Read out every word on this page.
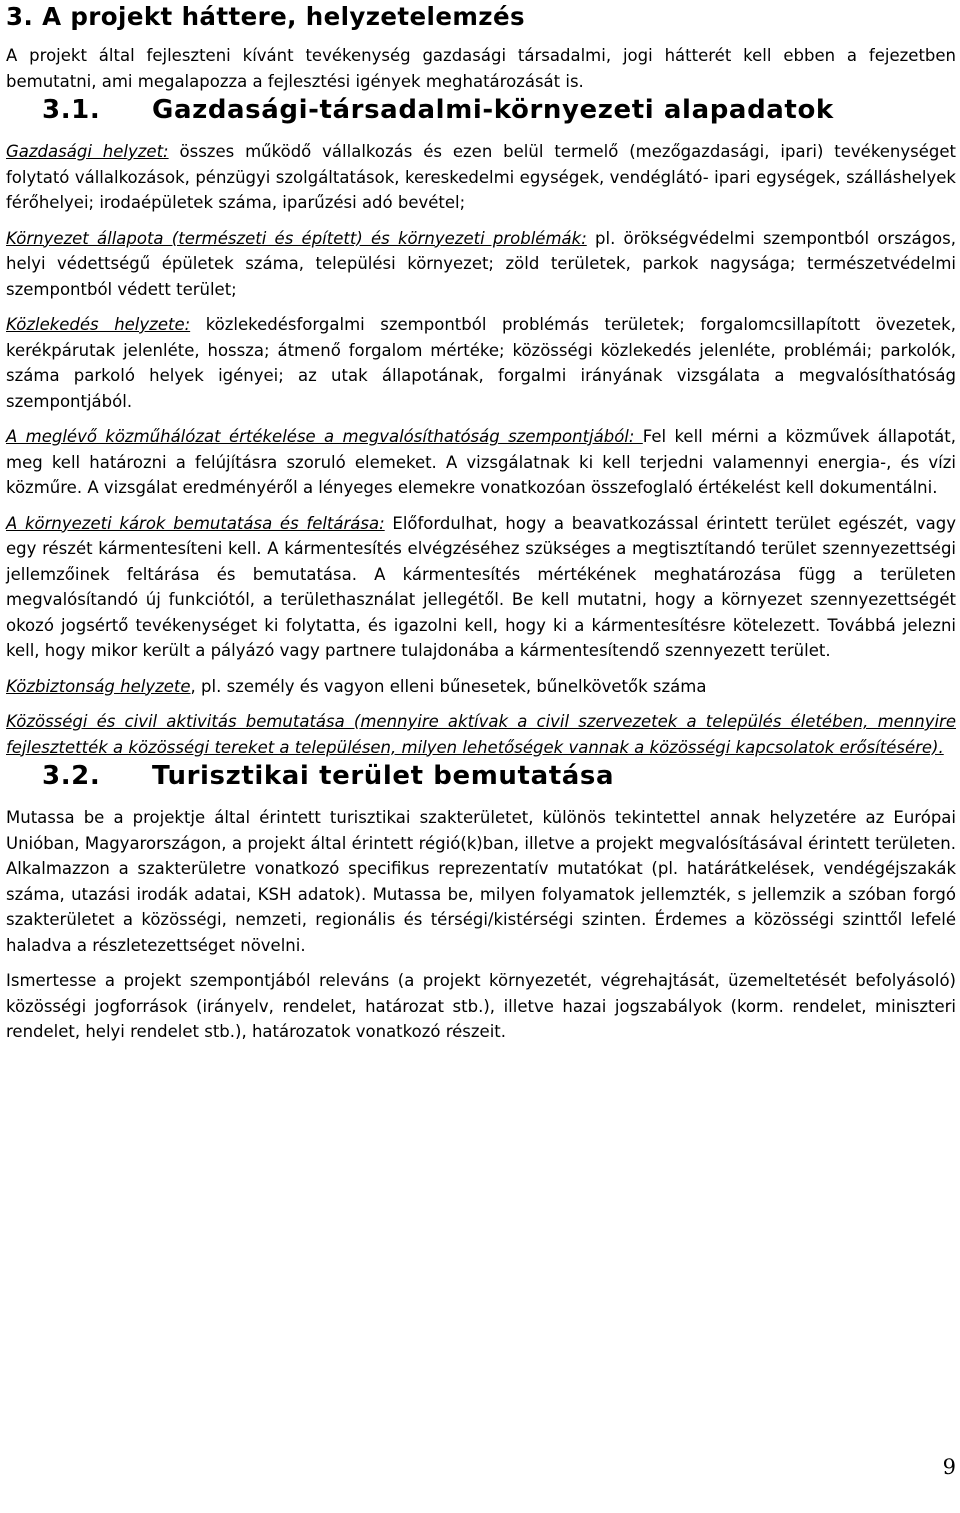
3. A projekt háttere, helyzetelemzés

A projekt által fejleszteni kívánt tevékenység gazdasági társadalmi, jogi hátterét kell ebben a fejezetben bemutatni, ami megalapozza a fejlesztési igények meghatározását is.

3.1. Gazdasági-társadalmi-környezeti alapadatok

Gazdasági helyzet: összes működő vállalkozás és ezen belül termelő (mezőgazdasági, ipari) tevékenységet folytató vállalkozások, pénzügyi szolgáltatások, kereskedelmi egységek, vendéglátó- ipari egységek, szálláshelyek férőhelyei; irodaépületek száma, iparűzési adó bevétel;

Környezet állapota (természeti és épített) és környezeti problémák: pl. örökségvédelmi szempontból országos, helyi védettségű épületek száma, települési környezet; zöld területek, parkok nagysága; természetvédelmi szempontból védett terület;

Közlekedés helyzete: közlekedésforgalmi szempontból problémás területek; forgalomcsillapított övezetek, kerékpárutak jelenléte, hossza; átmenő forgalom mértéke; közösségi közlekedés jelenléte, problémái; parkolók, száma parkoló helyek igényei; az utak állapotának, forgalmi irányának vizsgálata a megvalósíthatóság szempontjából.

A meglévő közműhálózat értékelése a megvalósíthatóság szempontjából: Fel kell mérni a közművek állapotát, meg kell határozni a felújításra szoruló elemeket. A vizsgálatnak ki kell terjedni valamennyi energia-, és vízi közműre. A vizsgálat eredményéről a lényeges elemekre vonatkozóan összefoglaló értékelést kell dokumentálni.

A környezeti károk bemutatása és feltárása: Előfordulhat, hogy a beavatkozással érintett terület egészét, vagy egy részét kármentesíteni kell. A kármentesítés elvégzéséhez szükséges a megtisztítandó terület szennyezettségi jellemzőinek feltárása és bemutatása. A kármentesítés mértékének meghatározása függ a területen megvalósítandó új funkciótól, a területhasználat jellegétől. Be kell mutatni, hogy a környezet szennyezettségét okozó jogsértő tevékenységet ki folytatta, és igazolni kell, hogy ki a kármentesítésre kötelezett. Továbbá jelezni kell, hogy mikor került a pályázó vagy partnere tulajdonába a kármentesítendő szennyezett terület.

Közbiztonság helyzete, pl. személy és vagyon elleni bűnesetek, bűnelkövetők száma

Közösségi és civil aktivitás bemutatása (mennyire aktívak a civil szervezetek a település életében, mennyire fejlesztették a közösségi tereket a településen, milyen lehetőségek vannak a közösségi kapcsolatok erősítésére).

3.2. Turisztikai terület bemutatása

Mutassa be a projektje által érintett turisztikai szakterületet, különös tekintettel annak helyzetére az Európai Unióban, Magyarországon, a projekt által érintett régió(k)ban, illetve a projekt megvalósításával érintett területen. Alkalmazzon a szakterületre vonatkozó specifikus reprezentatív mutatókat (pl. határátkelések, vendégéjszakák száma, utazási irodák adatai, KSH adatok). Mutassa be, milyen folyamatok jellemzték, s jellemzik a szóban forgó szakterületet a közösségi, nemzeti, regionális és térségi/kistérségi szinten. Érdemes a közösségi szinttől lefelé haladva a részletezettséget növelni.

Ismertesse a projekt szempontjából releváns (a projekt környezetét, végrehajtását, üzemeltetését befolyásoló) közösségi jogforrások (irányelv, rendelet, határozat stb.), illetve hazai jogszabályok (korm. rendelet, miniszteri rendelet, helyi rendelet stb.), határozatok vonatkozó részeit.

9
